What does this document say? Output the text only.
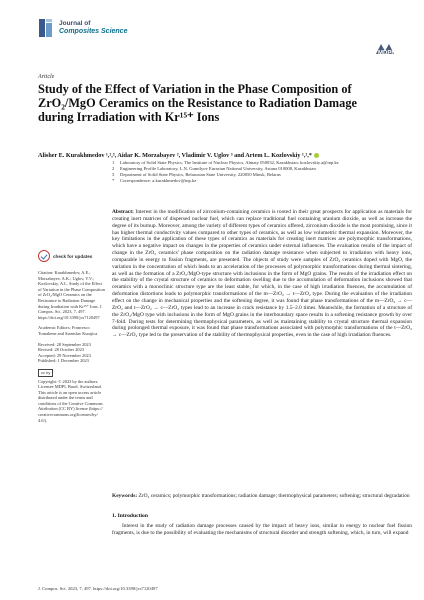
Journal of
Composites Science
MDPI
Article
Study of the Effect of Variation in the Phase Composition of ZrO₂/MgO Ceramics on the Resistance to Radiation Damage during Irradiation with Kr¹⁵⁺ Ions
Alisher E. Kurakhmedov ¹,²,³, Aidar K. Morzabayev ², Vladimir V. Uglov ³ and Artem L. Kozlovskiy ¹,²,*
1	Laboratory of Solid State Physics, The Institute of Nuclear Physics, Almaty 050032, Kazakhstan; kozlovskiy.a@inp.kz
2	Engineering Profile Laboratory, L.N. Gumilyov Eurasian National University, Astana 010008, Kazakhstan
3	Department of Solid State Physics, Belarusian State University, 220050 Minsk, Belarus
*	Correspondence: a.kurakhmedov@inp.kz
check for updates
Citation: Kurakhmedov, A.E.; Morzabayev, A.K.; Uglov, V.V.; Kozlovskiy, A.L. Study of the Effect of Variation in the Phase Composition of ZrO₂/MgO Ceramics on the Resistance to Radiation Damage during Irradiation with Kr¹⁵⁺ Ions. J. Compos. Sci. 2023, 7, 497. https://doi.org/10.3390/jcs7120497
Academic Editors: Francesco Tornabene and Stanislav Kurajica
Received: 28 September 2023
Revised: 28 October 2023
Accepted: 29 November 2023
Published: 1 December 2023
cc by
Copyright: © 2023 by the authors. Licensee MDPI, Basel, Switzerland. This article is an open access article distributed under the terms and conditions of the Creative Commons Attribution (CC BY) license (https:// creativecommons.org/licenses/by/ 4.0/).
Abstract: Interest in the modification of zirconium-containing ceramics is rooted in their great prospects for application as materials for creating inert matrices of dispersed nuclear fuel, which can replace traditional fuel containing uranium dioxide, as well as increase the degree of its burnup. Moreover, among the variety of different types of ceramics offered, zirconium dioxide is the most promising, since it has higher thermal conductivity values compared to other types of ceramics, as well as low volumetric thermal expansion. Moreover, the key limitations in the application of these types of ceramics as materials for creating inert matrices are polymorphic transformations, which have a negative impact on changes in the properties of ceramics under external influences. The evaluation results of the impact of change in the ZrO₂ ceramics' phase composition on the radiation damage resistance when subjected to irradiation with heavy ions, comparable in energy to fission fragments, are presented. The objects of study were samples of ZrO₂ ceramics doped with MgO, the variation in the concentration of which leads to an acceleration of the processes of polymorphic transformations during thermal sintering, as well as the formation of a ZrO₂/MgO-type structure with inclusions in the form of MgO grains. The results of the irradiation effect on the stability of the crystal structure of ceramics to deformation swelling due to the accumulation of deformation inclusions showed that ceramics with a monoclinic structure type are the least stable, for which, in the case of high irradiation fluences, the accumulation of deformation distortions leads to polymorphic transformations of the m—ZrO₂ → t—ZrO₂ type. During the evaluation of the irradiation effect on the change in mechanical properties and the softening degree, it was found that phase transformations of the m—ZrO₂ → c—ZrO₂ and t—ZrO₂ → c—ZrO₂ types lead to an increase in crack resistance by 1.5–2.0 times. Meanwhile, the formation of a structure of the ZrO₂/MgO type with inclusions in the form of MgO grains in the interboundary space results in a softening resistance growth by over 7-fold. During tests for determining thermophysical parameters, as well as maintaining stability to crystal structure thermal expansion during prolonged thermal exposure, it was found that phase transformations associated with polymorphic transformations of the t—ZrO₂ → c—ZrO₂ type led to the preservation of the stability of thermophysical properties, even in the case of high irradiation fluences.
Keywords: ZrO₂ ceramics; polymorphic transformations; radiation damage; thermophysical parameters; softening; structural degradation
1. Introduction
Interest in the study of radiation damage processes caused by the impact of heavy ions, similar in energy to nuclear fuel fission fragments, is due to the possibility of evaluating the mechanisms of structural disorder and strength softening, which, in turn, will expand
J. Compos. Sci. 2023, 7, 497. https://doi.org/10.3390/jcs7120497
